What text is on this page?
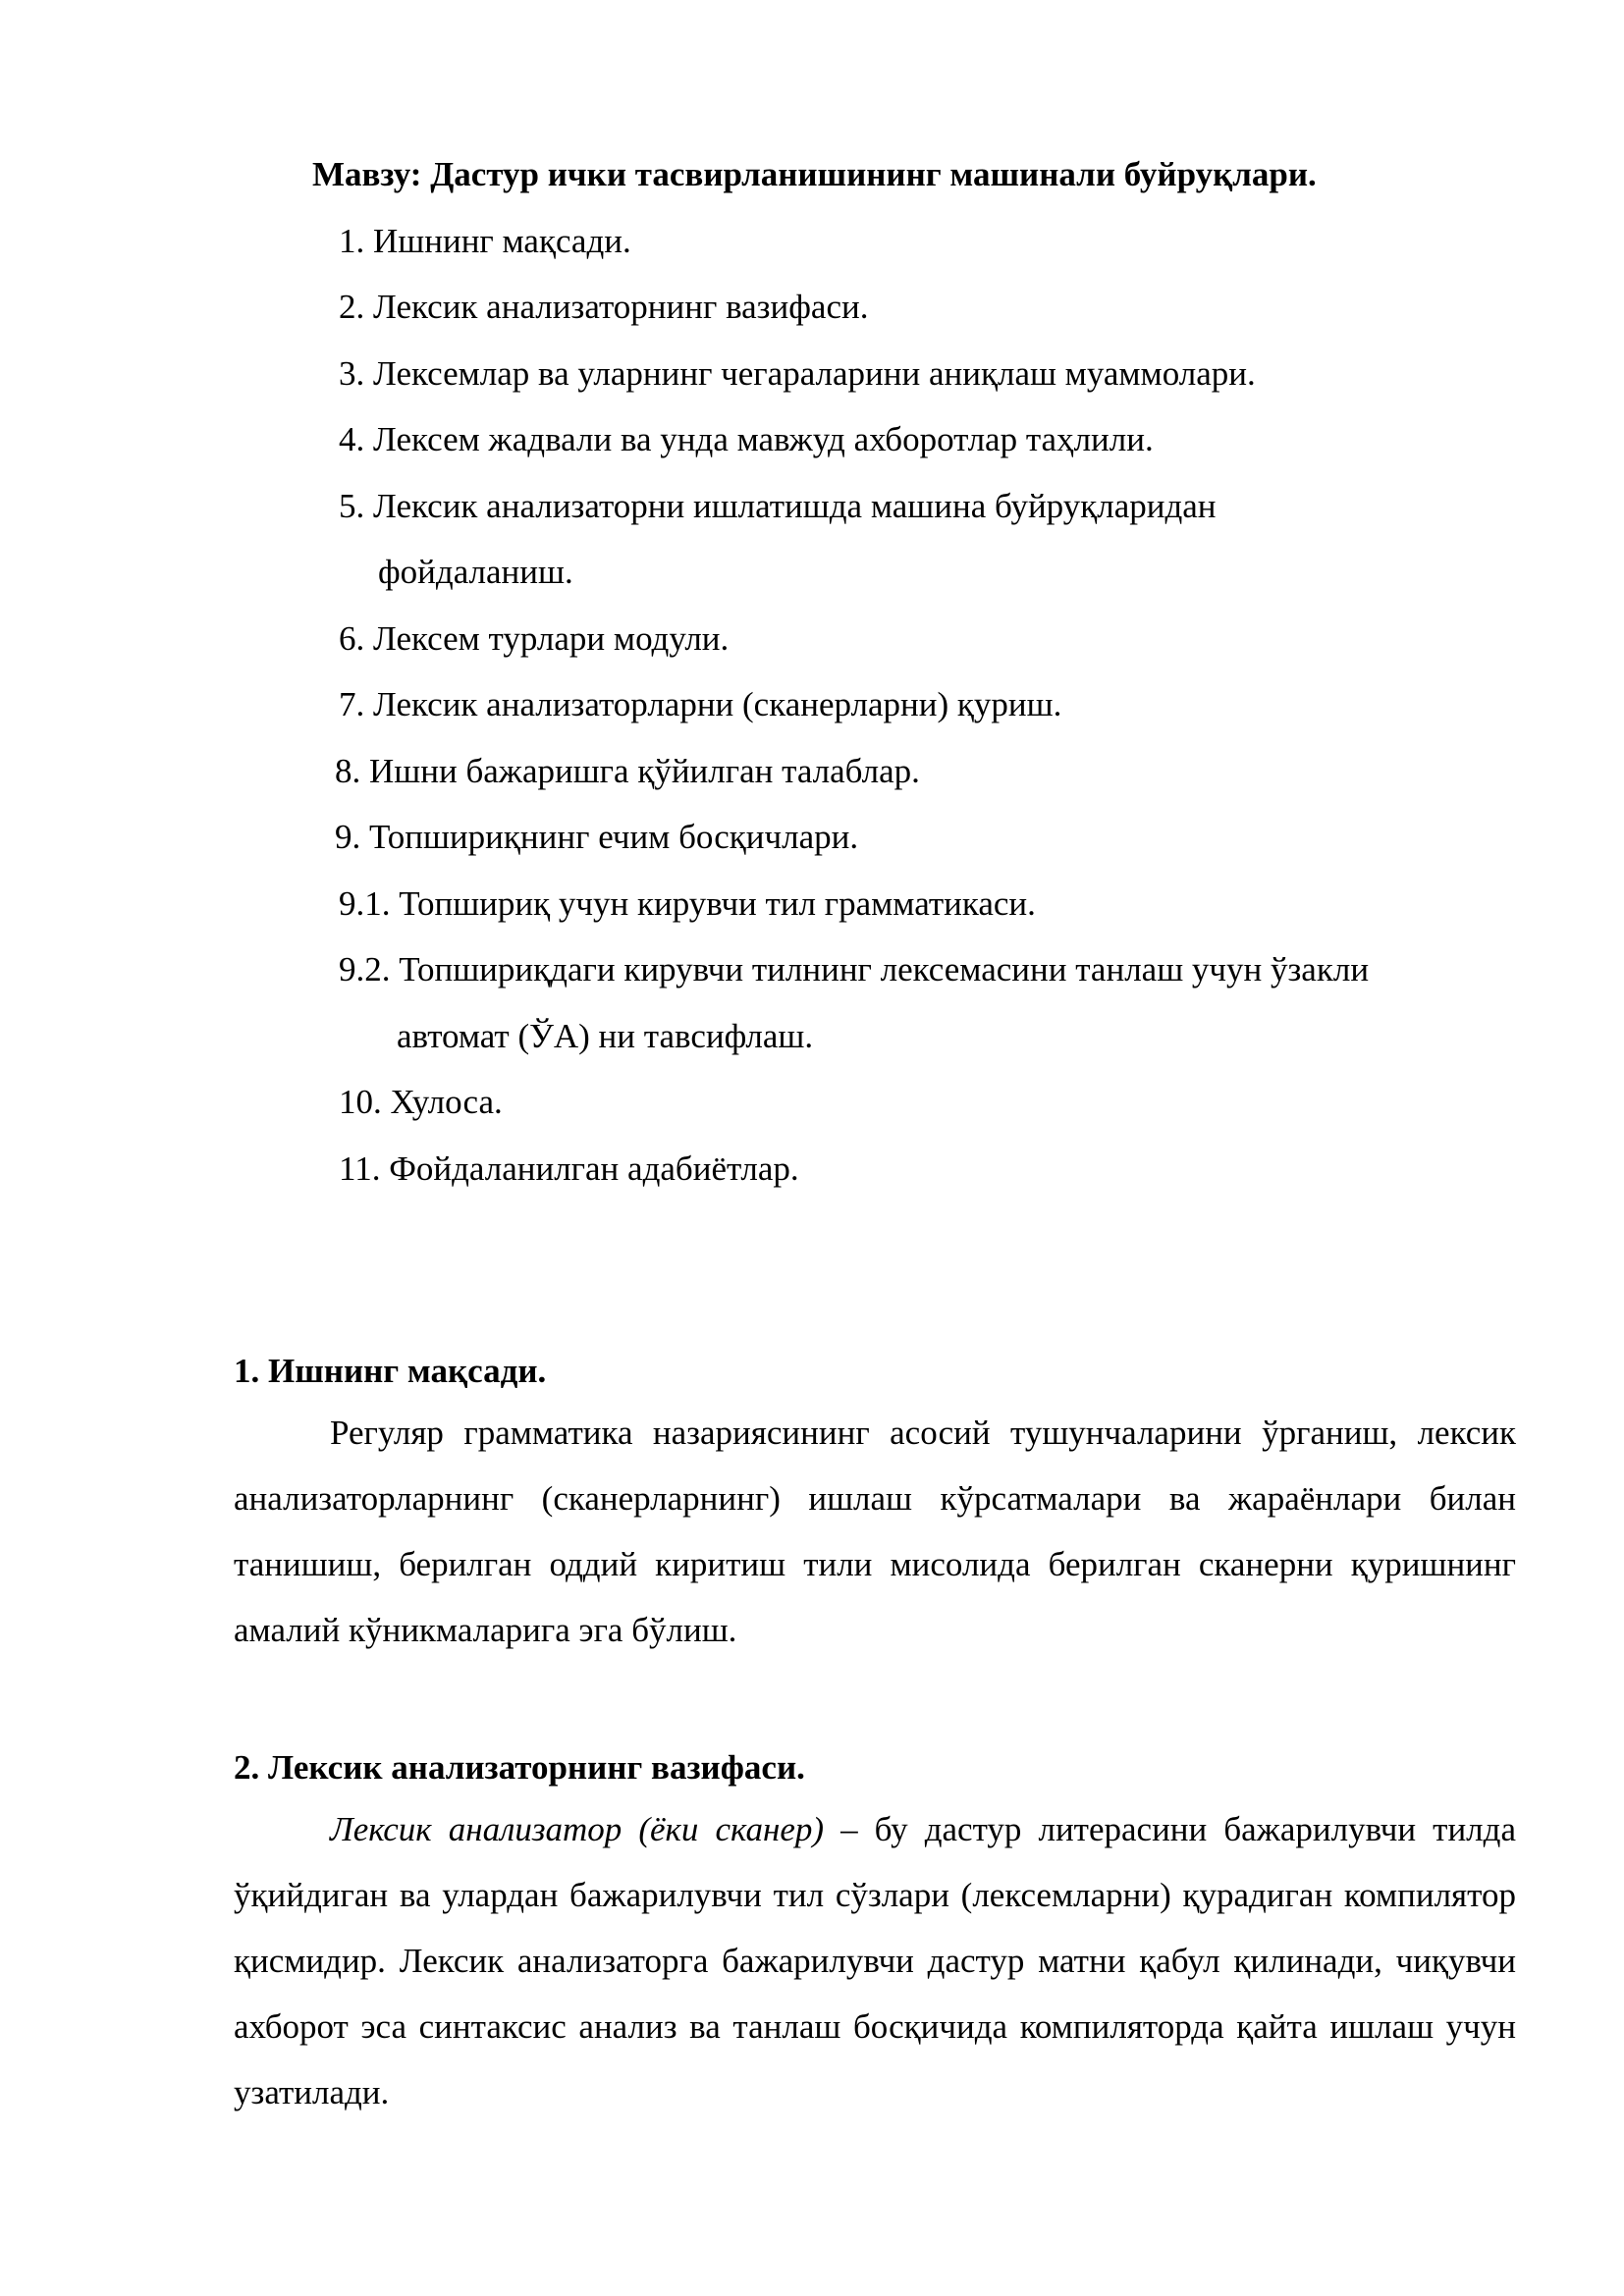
Мавзу: Дастур ички тасвирланишининг машинали буйруқлари.
1. Ишнинг мақсади.
2. Лексик анализаторнинг вазифаси.
3. Лексемлар ва уларнинг чегараларини аниқлаш муаммолари.
4. Лексем жадвали ва унда мавжуд ахборотлар таҳлили.
5. Лексик анализаторни ишлатишда машина буйруқларидан
фойдаланиш.
6. Лексем турлари модули.
7. Лексик анализаторларни (сканерларни) қуриш.
8. Ишни бажаришга қўйилган талаблар.
9. Топшириқнинг ечим босқичлари.
9.1. Топшириқ учун кирувчи тил грамматикаси.
9.2. Топшириқдаги кирувчи тилнинг лексемасини танлаш учун ўзакли
автомат (ЎА) ни тавсифлаш.
10. Хулоса.
11. Фойдаланилган адабиётлар.
1. Ишнинг мақсади.

Регуляр грамматика назариясининг асосий тушунчаларини ўрганиш, лексик анализаторларнинг (сканерларнинг) ишлаш кўрсатмалари ва жараёнлари билан танишиш, берилган оддий киритиш тили мисолида берилган сканерни қуришнинг амалий кўникмаларига эга бўлиш.

2. Лексик анализаторнинг вазифаси.

Лексик анализатор (ёки сканер) – бу дастур литерасини бажарилувчи тилда ўқийдиган ва улардан бажарилувчи тил сўзлари (лексемларни) қурадиган компилятор қисмидир. Лексик анализаторга бажарилувчи дастур матни қабул қилинади, чиқувчи ахборот эса синтаксис анализ ва танлаш босқичида компиляторда қайта ишлаш учун узатилади.
